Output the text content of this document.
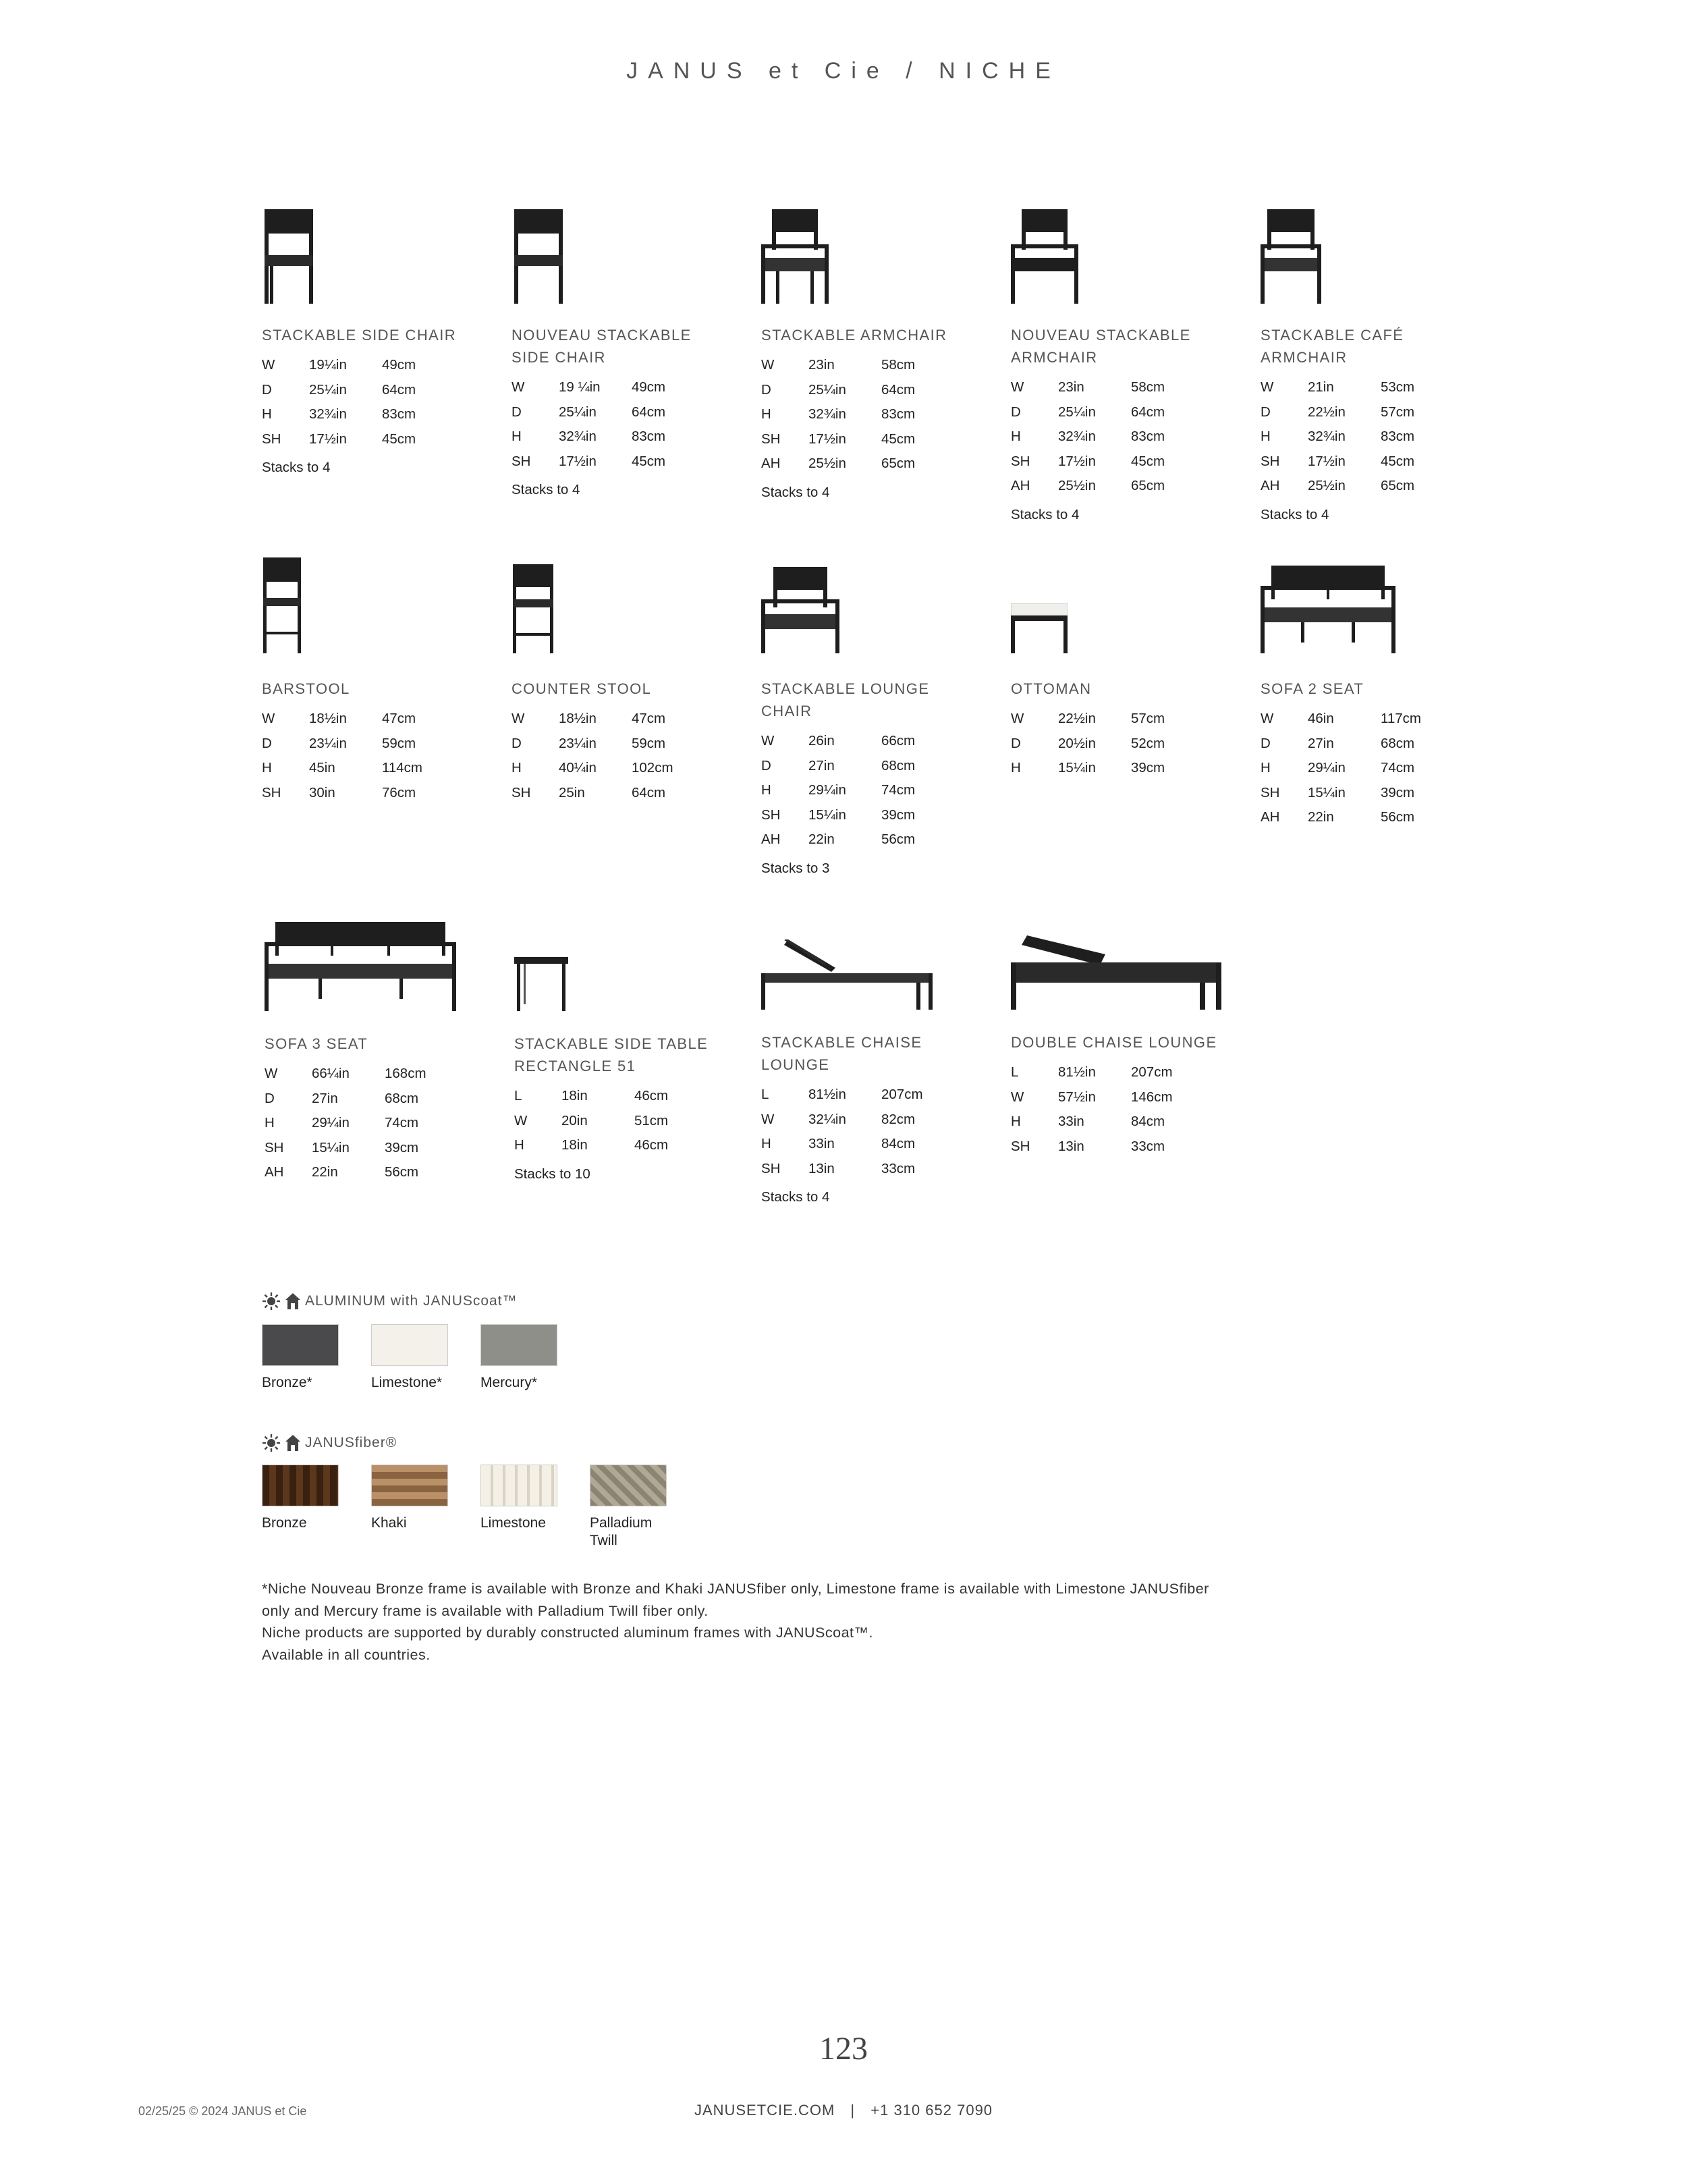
JANUS et Cie / NICHE
STACKABLE SIDE CHAIR
W	19¼in	49cm
D	25¼in	64cm
H	32¾in	83cm
SH	17½in	45cm
Stacks to 4
NOUVEAU STACKABLE
SIDE CHAIR
W	19 ¼in	49cm
D	25¼in	64cm
H	32¾in	83cm
SH	17½in	45cm
Stacks to 4
STACKABLE ARMCHAIR
W	23in	58cm
D	25¼in	64cm
H	32¾in	83cm
SH	17½in	45cm
AH	25½in	65cm
Stacks to 4
NOUVEAU STACKABLE
ARMCHAIR
W	23in	58cm
D	25¼in	64cm
H	32¾in	83cm
SH	17½in	45cm
AH	25½in	65cm
Stacks to 4
STACKABLE CAFÉ
ARMCHAIR
W	21in	53cm
D	22½in	57cm
H	32¾in	83cm
SH	17½in	45cm
AH	25½in	65cm
Stacks to 4
BARSTOOL
W	18½in	47cm
D	23¼in	59cm
H	45in	114cm
SH	30in	76cm
COUNTER STOOL
W	18½in	47cm
D	23¼in	59cm
H	40¼in	102cm
SH	25in	64cm
STACKABLE LOUNGE
CHAIR
W	26in	66cm
D	27in	68cm
H	29¼in	74cm
SH	15¼in	39cm
AH	22in	56cm
Stacks to 3
OTTOMAN
W	22½in	57cm
D	20½in	52cm
H	15¼in	39cm
SOFA 2 SEAT
W	46in	117cm
D	27in	68cm
H	29¼in	74cm
SH	15¼in	39cm
AH	22in	56cm
SOFA 3 SEAT
W	66¼in	168cm
D	27in	68cm
H	29¼in	74cm
SH	15¼in	39cm
AH	22in	56cm
STACKABLE SIDE TABLE
RECTANGLE 51
L	18in	46cm
W	20in	51cm
H	18in	46cm
Stacks to 10
STACKABLE CHAISE
LOUNGE
L	81½in	207cm
W	32¼in	82cm
H	33in	84cm
SH	13in	33cm
Stacks to 4
DOUBLE CHAISE LOUNGE
L	81½in	207cm
W	57½in	146cm
H	33in	84cm
SH	13in	33cm
ALUMINUM with JANUScoat™
Bronze*	Limestone*	Mercury*
JANUSfiber®
Bronze	Khaki	Limestone	Palladium Twill
*Niche Nouveau Bronze frame is available with Bronze and Khaki JANUSfiber only, Limestone frame is available with Limestone JANUSfiber
only and Mercury frame is available with Palladium Twill fiber only.
Niche products are supported by durably constructed aluminum frames with JANUScoat™.
Available in all countries.
123
02/25/25 © 2024 JANUS et Cie	JANUSETCIE.COM | +1 310 652 7090
